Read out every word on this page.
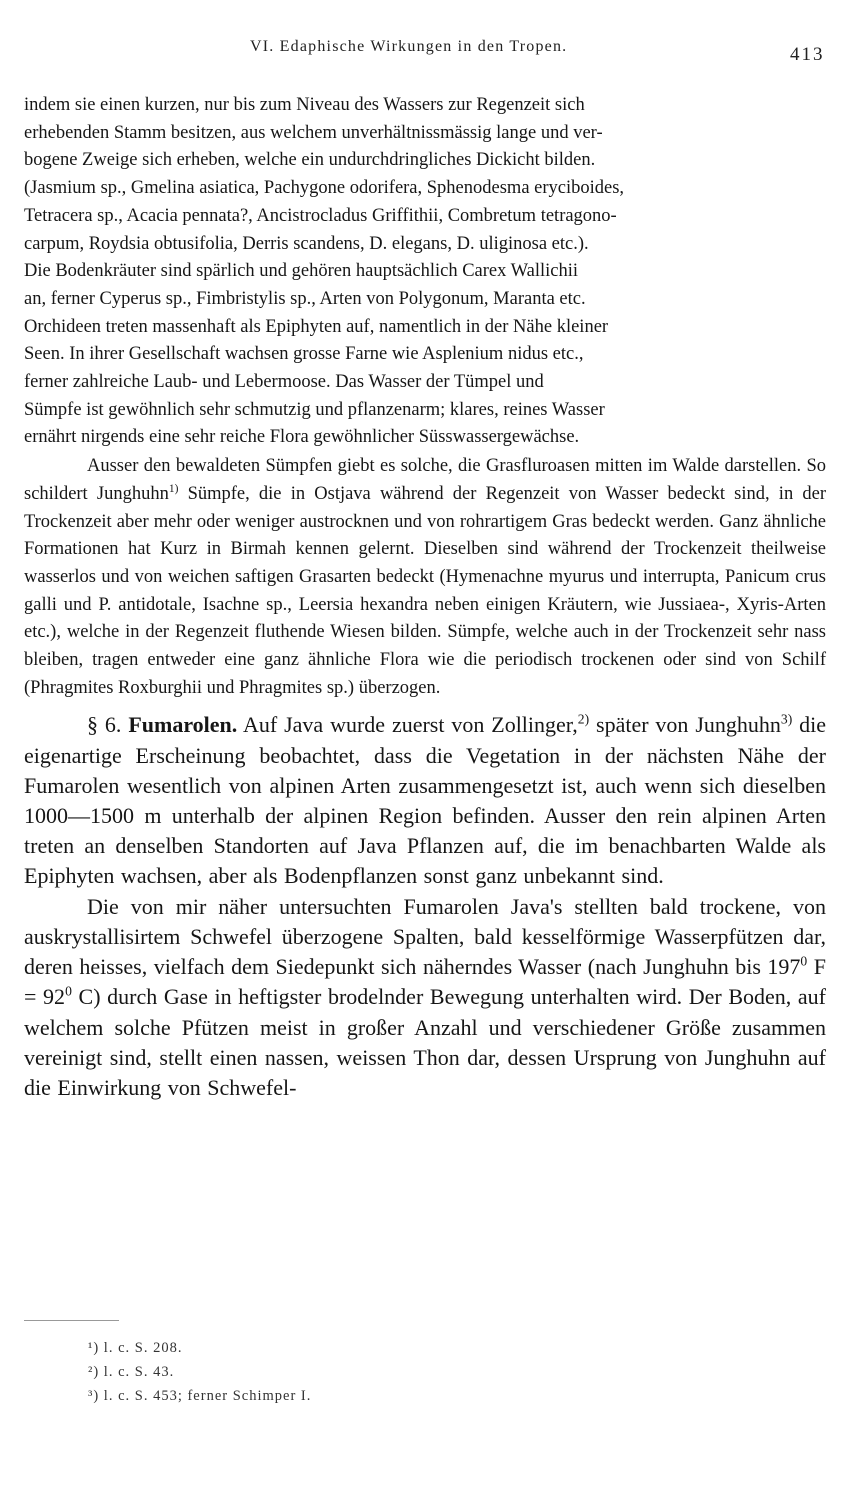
VI. Edaphische Wirkungen in den Tropen.	413

indem sie einen kurzen, nur bis zum Niveau des Wassers zur Regenzeit sich

erhebenden Stamm besitzen, aus welchem unverhältnissmässig lange und ver-

bogene Zweige sich erheben, welche ein undurchdringliches Dickicht bilden.

(Jasmium sp., Gmelina asiatica, Pachygone odorifera, Sphenodesma eryciboides,

Tetracera sp., Acacia pennata?, Ancistrocladus Griffithii, Combretum tetragono-

carpum, Roydsia obtusifolia, Derris scandens, D. elegans, D. uliginosa etc.).

Die Bodenkräuter sind spärlich und gehören hauptsächlich Carex Wallichii

an, ferner Cyperus sp., Fimbristylis sp., Arten von Polygonum, Maranta etc.

Orchideen treten massenhaft als Epiphyten auf, namentlich in der Nähe kleiner

Seen. In ihrer Gesellschaft wachsen grosse Farne wie Asplenium nidus etc.,

ferner zahlreiche Laub- und Lebermoose. Das Wasser der Tümpel und

Sümpfe ist gewöhnlich sehr schmutzig und pflanzenarm; klares, reines Wasser

ernährt nirgends eine sehr reiche Flora gewöhnlicher Süsswassergewächse.

Ausser den bewaldeten Sümpfen giebt es solche, die Grasfluroasen mitten im Walde darstellen. So schildert Junghuhn$^{1)}$ Sümpfe, die in Ostjava während der Regenzeit von Wasser bedeckt sind, in der Trockenzeit aber mehr oder weniger austrocknen und von rohrartigem Gras bedeckt werden. Ganz ähnliche Formationen hat Kurz in Birmah kennen gelernt. Dieselben sind während der Trockenzeit theilweise wasserlos und von weichen saftigen Grasarten bedeckt (Hymenachne myurus und interrupta, Panicum crus galli und P. antidotale, Isachne sp., Leersia hexandra neben einigen Kräutern, wie Jussiaea-, Xyris-Arten etc.), welche in der Regenzeit fluthende Wiesen bilden. Sümpfe, welche auch in der Trockenzeit sehr nass bleiben, tragen entweder eine ganz ähnliche Flora wie die periodisch trockenen oder sind von Schilf (Phragmites Roxburghii und Phragmites sp.) überzogen.

§ 6. Fumarolen. Auf Java wurde zuerst von Zollinger,$^{2)}$ später von Junghuhn$^{3)}$ die eigenartige Erscheinung beobachtet, dass die Vegetation in der nächsten Nähe der Fumarolen wesentlich von alpinen Arten zusammengesetzt ist, auch wenn sich dieselben 1000—1500 m unterhalb der alpinen Region befinden. Ausser den rein alpinen Arten treten an denselben Standorten auf Java Pflanzen auf, die im benachbarten Walde als Epiphyten wachsen, aber als Bodenpflanzen sonst ganz unbekannt sind.

Die von mir näher untersuchten Fumarolen Java's stellten bald trockene, von auskrystallisirtem Schwefel überzogene Spalten, bald kesselförmige Wasserpfützen dar, deren heisses, vielfach dem Siedepunkt sich näherndes Wasser (nach Junghuhn bis $197^0$ $F = 92^0$ C) durch Gase in heftigster brodelnder Bewegung unterhalten wird. Der Boden, auf welchem solche Pfützen meist in großer Anzahl und verschiedener Größe zusammen vereinigt sind, stellt einen nassen, weissen Thon dar, dessen Ursprung von Junghuhn auf die Einwirkung von Schwefel-

¹) l. c. S. 208.
²) l. c. S. 43.
³) l. c. S. 453; ferner Schimper I.
